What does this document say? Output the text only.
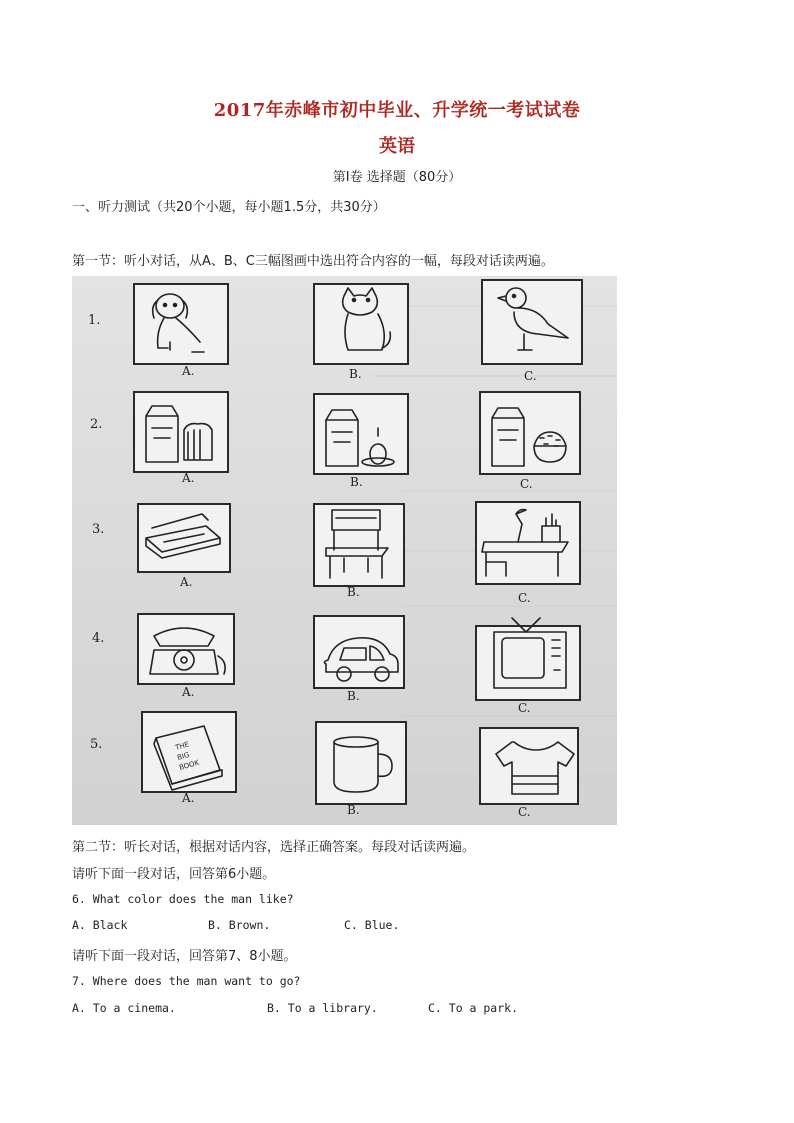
2017年赤峰市初中毕业、升学统一考试试卷
英语
第Ⅰ卷 选择题（80分）
一、听力测试（共20个小题，每小题1.5分，共30分）
第一节：听小对话，从A、B、C三幅图画中选出符合内容的一幅，每段对话读两遍。
1.
2.
3.
4.
5.
A.	B.	C.
A.	B.	C.
A.
B.	C.
A.	B.
C.
A.
B.	C.
THE
BIG
BOOK
第二节：听长对话，根据对话内容，选择正确答案。每段对话读两遍。
请听下面一段对话，回答第6小题。
6. What color does the man like?
A. Black	B. Brown.	C. Blue.
请听下面一段对话，回答第7、8小题。
7. Where does the man want to go?
A. To a cinema.	B. To a library.	C. To a park.
